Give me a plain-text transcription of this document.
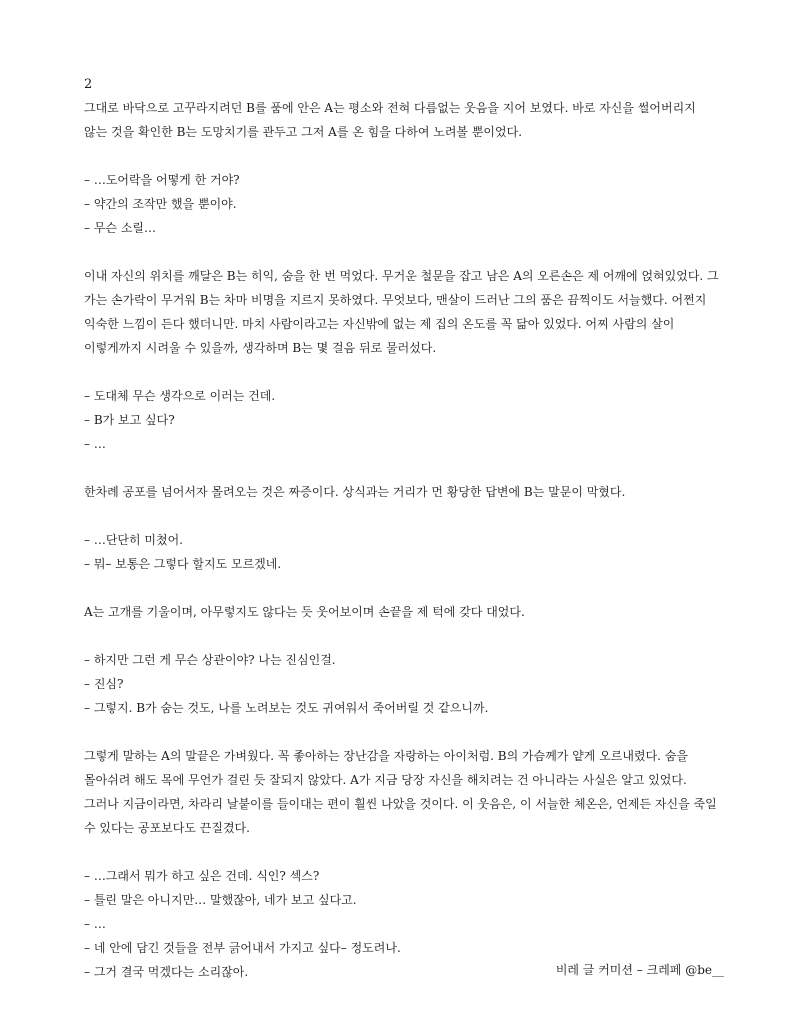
2
그대로 바닥으로 고꾸라지려던 B를 품에 안은 A는 평소와 전혀 다름없는 웃음을 지어 보였다. 바로 자신을 썰어버리지
않는 것을 확인한 B는 도망치기를 관두고 그저 A를 온 힘을 다하여 노려볼 뿐이었다.
– …도어락을 어떻게 한 거야?
– 약간의 조작만 했을 뿐이야.
– 무슨 소릴…
이내 자신의 위치를 깨달은 B는 히익, 숨을 한 번 먹었다. 무거운 철문을 잡고 남은 A의 오른손은 제 어깨에 얹혀있었다. 그
가는 손가락이 무거워 B는 차마 비명을 지르지 못하였다. 무엇보다, 맨살이 드러난 그의 품은 끔찍이도 서늘했다. 어쩐지
익숙한 느낌이 든다 했더니만. 마치 사람이라고는 자신밖에 없는 제 집의 온도를 꼭 닮아 있었다. 어찌 사람의 살이
이렇게까지 시려울 수 있을까, 생각하며 B는 몇 걸음 뒤로 물러섰다.
– 도대체 무슨 생각으로 이러는 건데.
– B가 보고 싶다?
– …
한차례 공포를 넘어서자 몰려오는 것은 짜증이다. 상식과는 거리가 먼 황당한 답변에 B는 말문이 막혔다.
– …단단히 미쳤어.
– 뭐– 보통은 그렇다 할지도 모르겠네.
A는 고개를 기울이며, 아무렇지도 않다는 듯 웃어보이며 손끝을 제 턱에 갖다 대었다.
– 하지만 그런 게 무슨 상관이야? 나는 진심인걸.
– 진심?
– 그렇지. B가 숨는 것도, 나를 노려보는 것도 귀여워서 죽어버릴 것 같으니까.
그렇게 말하는 A의 말끝은 가벼웠다. 꼭 좋아하는 장난감을 자랑하는 아이처럼. B의 가슴께가 얕게 오르내렸다. 숨을
몰아쉬려 해도 목에 무언가 걸린 듯 잘되지 않았다. A가 지금 당장 자신을 해치려는 건 아니라는 사실은 알고 있었다.
그러나 지금이라면, 차라리 날붙이를 들이대는 편이 훨씬 나았을 것이다. 이 웃음은, 이 서늘한 체온은, 언제든 자신을 죽일
수 있다는 공포보다도 끈질겼다.
– …그래서 뭐가 하고 싶은 건데. 식인? 섹스?
– 틀린 말은 아니지만… 말했잖아, 네가 보고 싶다고.
– …
– 네 안에 담긴 것들을 전부 긁어내서 가지고 싶다– 정도려나.
– 그거 결국 먹겠다는 소리잖아.	비레 글 커미션 – 크레페 @be__
